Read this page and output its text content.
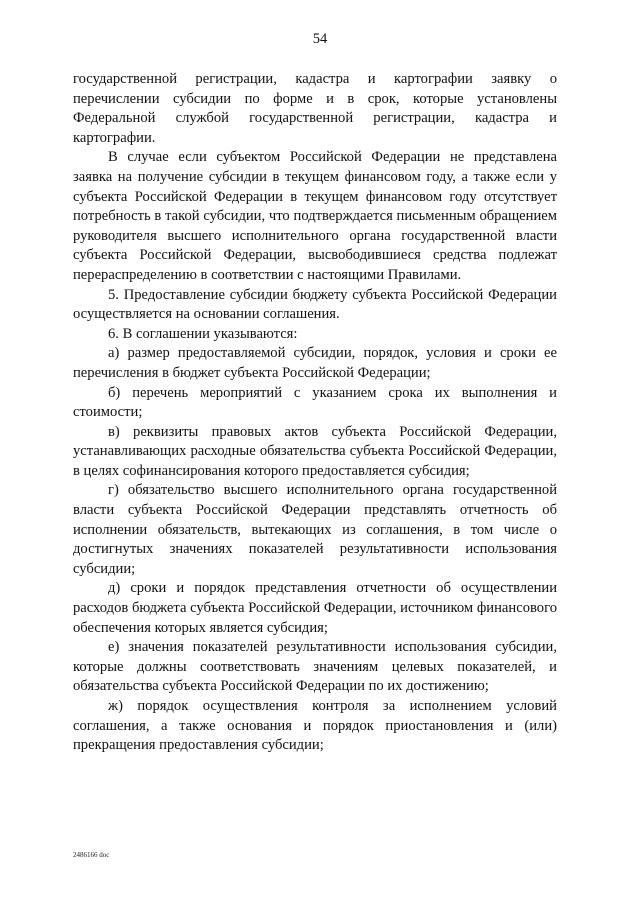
54

государственной регистрации, кадастра и картографии заявку о перечислении субсидии по форме и в срок, которые установлены Федеральной службой государственной регистрации, кадастра и картографии.

В случае если субъектом Российской Федерации не представлена заявка на получение субсидии в текущем финансовом году, а также если у субъекта Российской Федерации в текущем финансовом году отсутствует потребность в такой субсидии, что подтверждается письменным обращением руководителя высшего исполнительного органа государственной власти субъекта Российской Федерации, высвободившиеся средства подлежат перераспределению в соответствии с настоящими Правилами.

5. Предоставление субсидии бюджету субъекта Российской Федерации осуществляется на основании соглашения.

6. В соглашении указываются:

а) размер предоставляемой субсидии, порядок, условия и сроки ее перечисления в бюджет субъекта Российской Федерации;

б) перечень мероприятий с указанием срока их выполнения и стоимости;

в) реквизиты правовых актов субъекта Российской Федерации, устанавливающих расходные обязательства субъекта Российской Федерации, в целях софинансирования которого предоставляется субсидия;

г) обязательство высшего исполнительного органа государственной власти субъекта Российской Федерации представлять отчетность об исполнении обязательств, вытекающих из соглашения, в том числе о достигнутых значениях показателей результативности использования субсидии;

д) сроки и порядок представления отчетности об осуществлении расходов бюджета субъекта Российской Федерации, источником финансового обеспечения которых является субсидия;

е) значения показателей результативности использования субсидии, которые должны соответствовать значениям целевых показателей, и обязательства субъекта Российской Федерации по их достижению;

ж) порядок осуществления контроля за исполнением условий соглашения, а также основания и порядок приостановления и (или) прекращения предоставления субсидии;

2486166 doc
